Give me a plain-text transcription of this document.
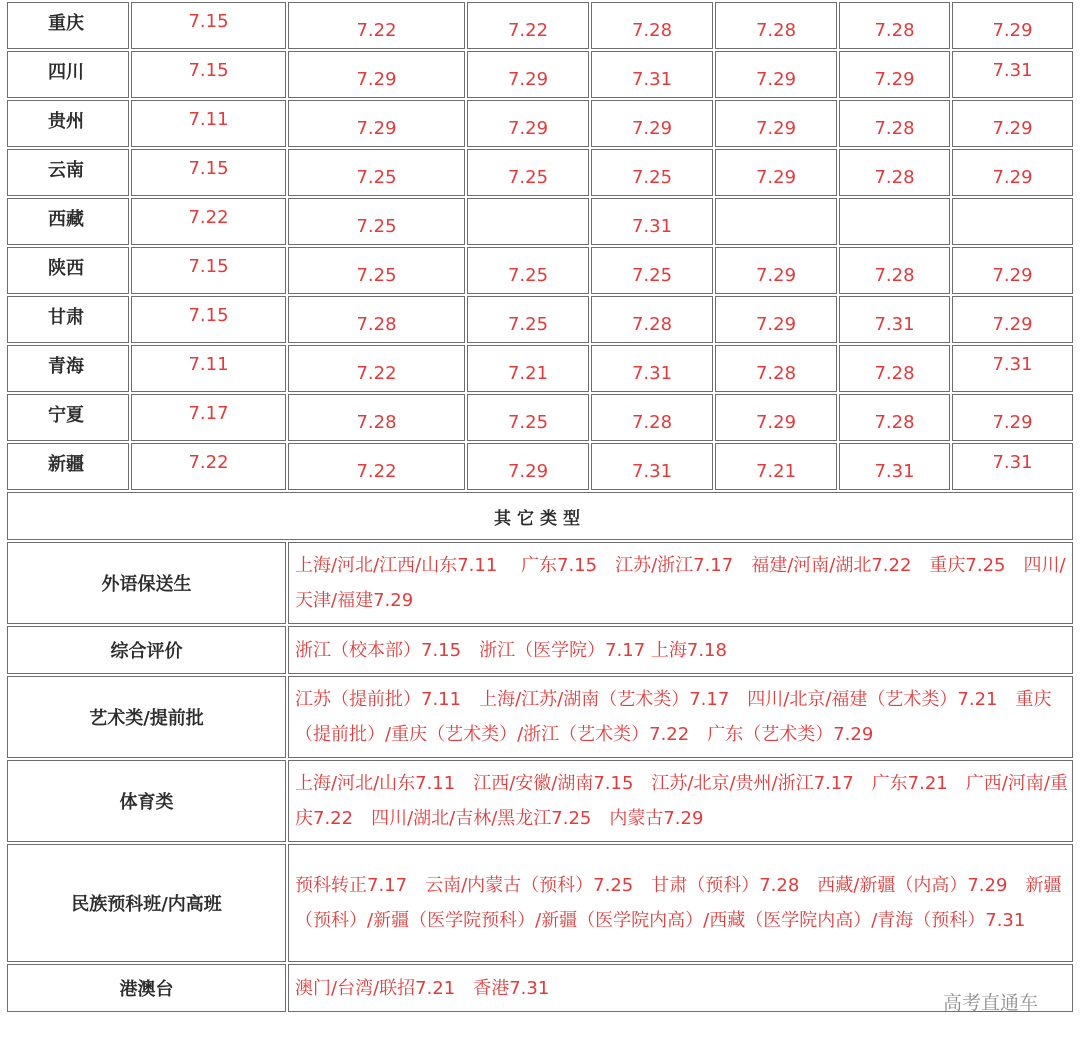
重庆	7.15	7.22	7.22	7.28	7.28	7.28	7.29
四川	7.15	7.29	7.29	7.31	7.29	7.29	7.31
贵州	7.11	7.29	7.29	7.29	7.29	7.28	7.29
云南	7.15	7.25	7.25	7.25	7.29	7.28	7.29
西藏	7.22	7.25		7.31			
陕西	7.15	7.25	7.25	7.25	7.29	7.28	7.29
甘肃	7.15	7.28	7.25	7.28	7.29	7.31	7.29
青海	7.11	7.22	7.21	7.31	7.28	7.28	7.31
宁夏	7.17	7.28	7.25	7.28	7.29	7.28	7.29
新疆	7.22	7.22	7.29	7.31	7.21	7.31	7.31
其它类型							
外语保送生		上海/河北/江西/山东7.11　 广东7.15　江苏/浙江7.17　福建/河南/湖北7.22　重庆7.25　四川/天津/福建7.29					
综合评价		浙江（校本部）7.15　浙江（医学院）7.17 上海7.18					
艺术类/提前批		江苏（提前批）7.11　上海/江苏/湖南（艺术类）7.17　四川/北京/福建（艺术类）7.21　重庆（提前批）/重庆（艺术类）/浙江（艺术类）7.22　广东（艺术类）7.29					
体育类		上海/河北/山东7.11　江西/安徽/湖南7.15　江苏/北京/贵州/浙江7.17　广东7.21　广西/河南/重庆7.22　四川/湖北/吉林/黑龙江7.25　内蒙古7.29					
民族预科班/内高班		预科转正7.17　云南/内蒙古（预科）7.25　甘肃（预科）7.28　西藏/新疆（内高）7.29　新疆（预科）/新疆（医学院预科）/新疆（医学院内高）/西藏（医学院内高）/青海（预科）7.31					
港澳台		澳门/台湾/联招7.21　香港7.31					
高考直通车
